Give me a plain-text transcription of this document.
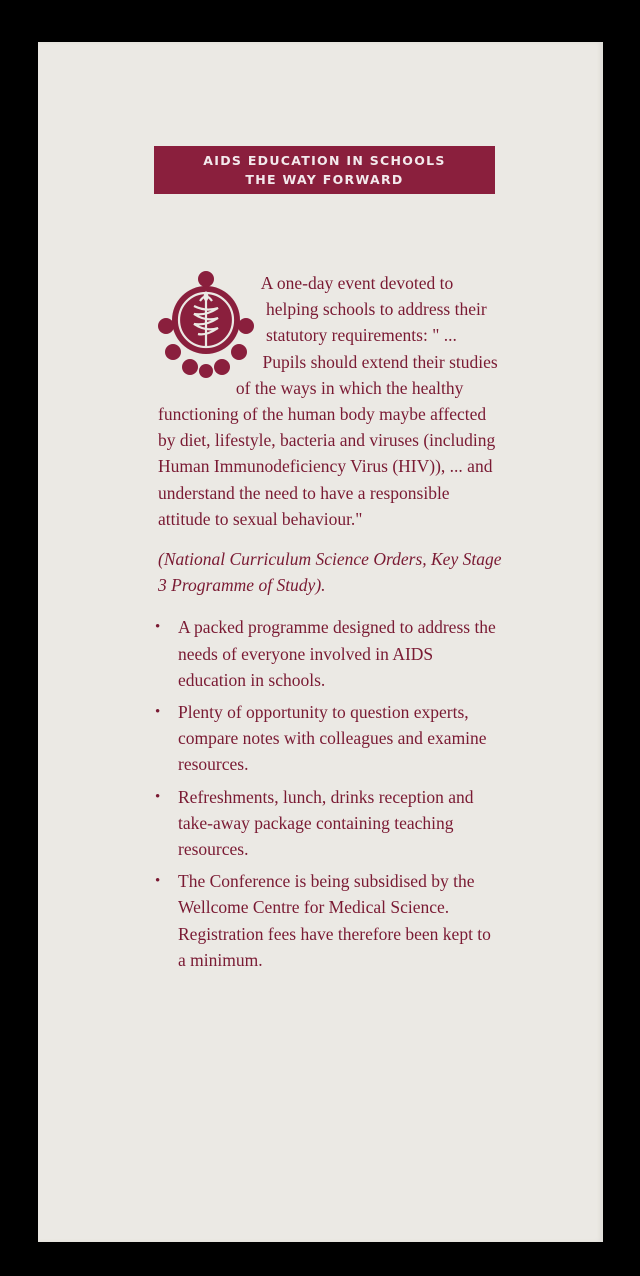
AIDS EDUCATION IN SCHOOLS
THE WAY FORWARD

A one-day event devoted to helping schools to address their statutory requirements: " ... Pupils should extend their studies of the ways in which the healthy functioning of the human body maybe affected by diet, lifestyle, bacteria and viruses (including Human Immunodeficiency Virus (HIV)), ... and understand the need to have a responsible attitude to sexual behaviour."

(National Curriculum Science Orders, Key Stage 3 Programme of Study).

• A packed programme designed to address the needs of everyone involved in AIDS education in schools.
• Plenty of opportunity to question experts, compare notes with colleagues and examine resources.
• Refreshments, lunch, drinks reception and take-away package containing teaching resources.
• The Conference is being subsidised by the Wellcome Centre for Medical Science. Registration fees have therefore been kept to a minimum.
